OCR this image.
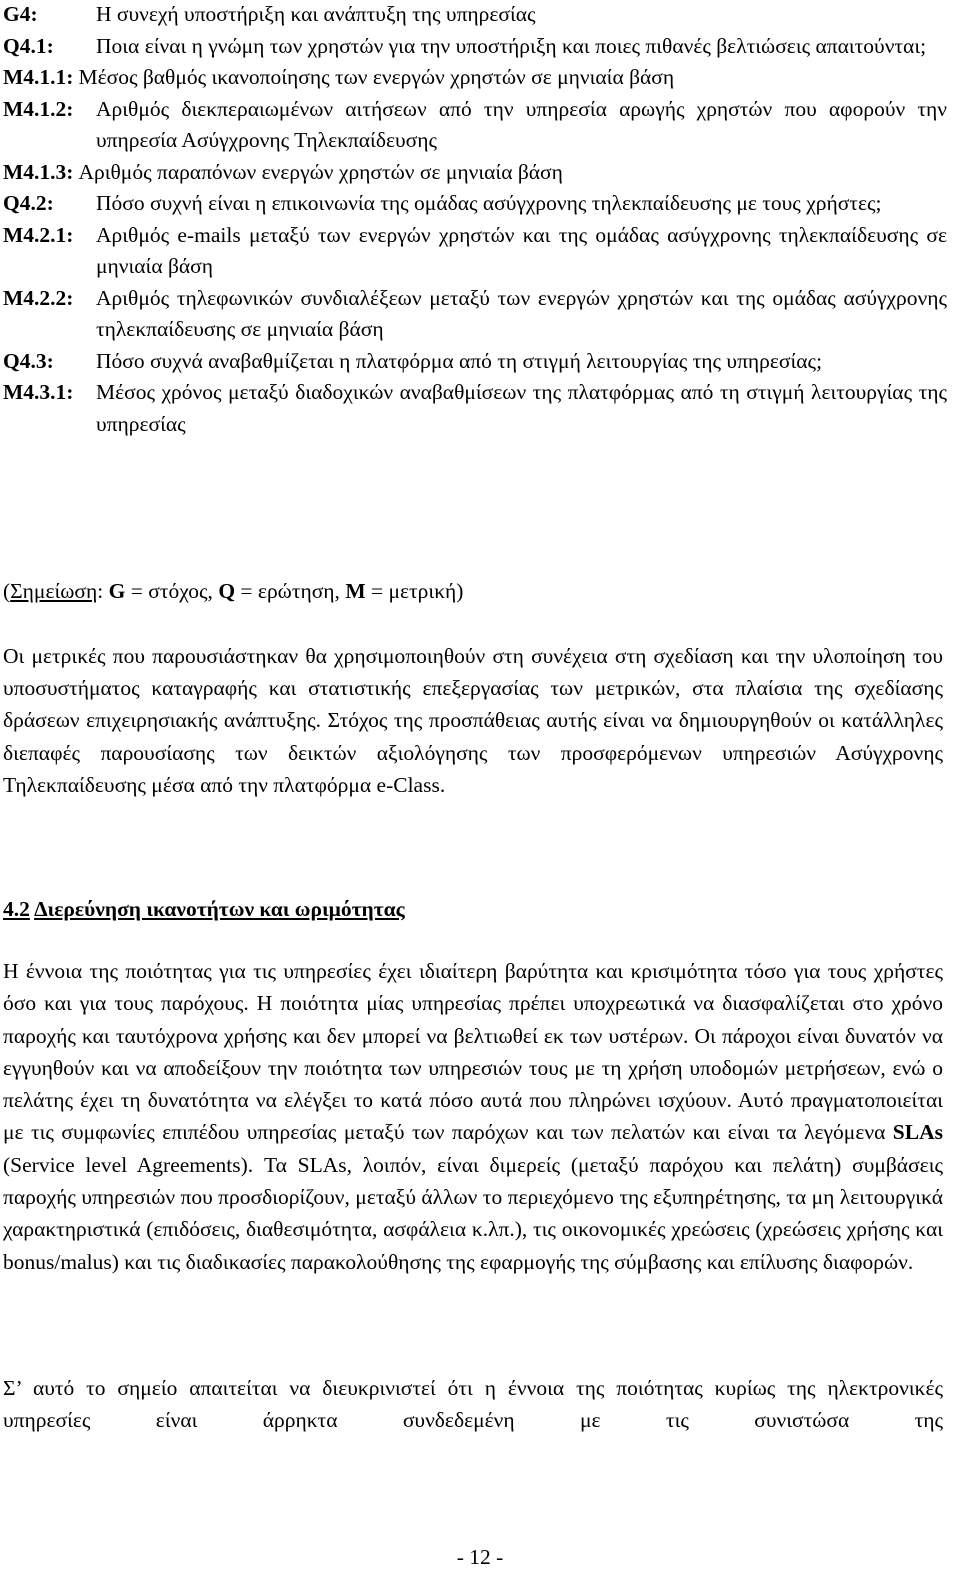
G4:	Η συνεχή υποστήριξη και ανάπτυξη της υπηρεσίας
Q4.1:	Ποια είναι η γνώμη των χρηστών για την υποστήριξη και ποιες πιθανές βελτιώσεις απαιτούνται;
M4.1.1: Μέσος βαθμός ικανοποίησης των ενεργών χρηστών σε μηνιαία βάση
M4.1.2:	Αριθμός διεκπεραιωμένων αιτήσεων από την υπηρεσία αρωγής χρηστών που αφορούν την υπηρεσία Ασύγχρονης Τηλεκπαίδευσης
M4.1.3: Αριθμός παραπόνων ενεργών χρηστών σε μηνιαία βάση
Q4.2:	Πόσο συχνή είναι η επικοινωνία της ομάδας ασύγχρονης τηλεκπαίδευσης με τους χρήστες;
M4.2.1:	Αριθμός e-mails μεταξύ των ενεργών χρηστών και της ομάδας ασύγχρονης τηλεκπαίδευσης σε μηνιαία βάση
M4.2.2:	Αριθμός τηλεφωνικών συνδιαλέξεων μεταξύ των ενεργών χρηστών και της ομάδας ασύγχρονης τηλεκπαίδευσης σε μηνιαία βάση
Q4.3:	Πόσο συχνά αναβαθμίζεται η πλατφόρμα από τη στιγμή λειτουργίας της υπηρεσίας;
M4.3.1:	Μέσος χρόνος μεταξύ διαδοχικών αναβαθμίσεων της πλατφόρμας από τη στιγμή λειτουργίας της υπηρεσίας
(Σημείωση: G = στόχος, Q = ερώτηση, M = μετρική)

Οι μετρικές που παρουσιάστηκαν θα χρησιμοποιηθούν στη συνέχεια στη σχεδίαση και την υλοποίηση του υποσυστήματος καταγραφής και στατιστικής επεξεργασίας των μετρικών, στα πλαίσια της σχεδίασης δράσεων επιχειρησιακής ανάπτυξης. Στόχος της προσπάθειας αυτής είναι να δημιουργηθούν οι κατάλληλες διεπαφές παρουσίασης των δεικτών αξιολόγησης των προσφερόμενων υπηρεσιών Ασύγχρονης Τηλεκπαίδευσης μέσα από την πλατφόρμα e-Class.

4.2 Διερεύνηση ικανοτήτων και ωριμότητας

Η έννοια της ποιότητας για τις υπηρεσίες έχει ιδιαίτερη βαρύτητα και κρισιμότητα τόσο για τους χρήστες όσο και για τους παρόχους. Η ποιότητα μίας υπηρεσίας πρέπει υποχρεωτικά να διασφαλίζεται στο χρόνο παροχής και ταυτόχρονα χρήσης και δεν μπορεί να βελτιωθεί εκ των υστέρων. Οι πάροχοι είναι δυνατόν να εγγυηθούν και να αποδείξουν την ποιότητα των υπηρεσιών τους με τη χρήση υποδομών μετρήσεων, ενώ ο πελάτης έχει τη δυνατότητα να ελέγξει το κατά πόσο αυτά που πληρώνει ισχύουν. Αυτό πραγματοποιείται με τις συμφωνίες επιπέδου υπηρεσίας μεταξύ των παρόχων και των πελατών και είναι τα λεγόμενα SLAs (Service level Agreements). Τα SLAs, λοιπόν, είναι διμερείς (μεταξύ παρόχου και πελάτη) συμβάσεις παροχής υπηρεσιών που προσδιορίζουν, μεταξύ άλλων το περιεχόμενο της εξυπηρέτησης, τα μη λειτουργικά χαρακτηριστικά (επιδόσεις, διαθεσιμότητα, ασφάλεια κ.λπ.), τις οικονομικές χρεώσεις (χρεώσεις χρήσης και bonus/malus) και τις διαδικασίες παρακολούθησης της εφαρμογής της σύμβασης και επίλυσης διαφορών.

Σ’ αυτό το σημείο απαιτείται να διευκρινιστεί ότι η έννοια της ποιότητας κυρίως της ηλεκτρονικές υπηρεσίες είναι άρρηκτα συνδεδεμένη με τις συνιστώσα της

- 12 -
